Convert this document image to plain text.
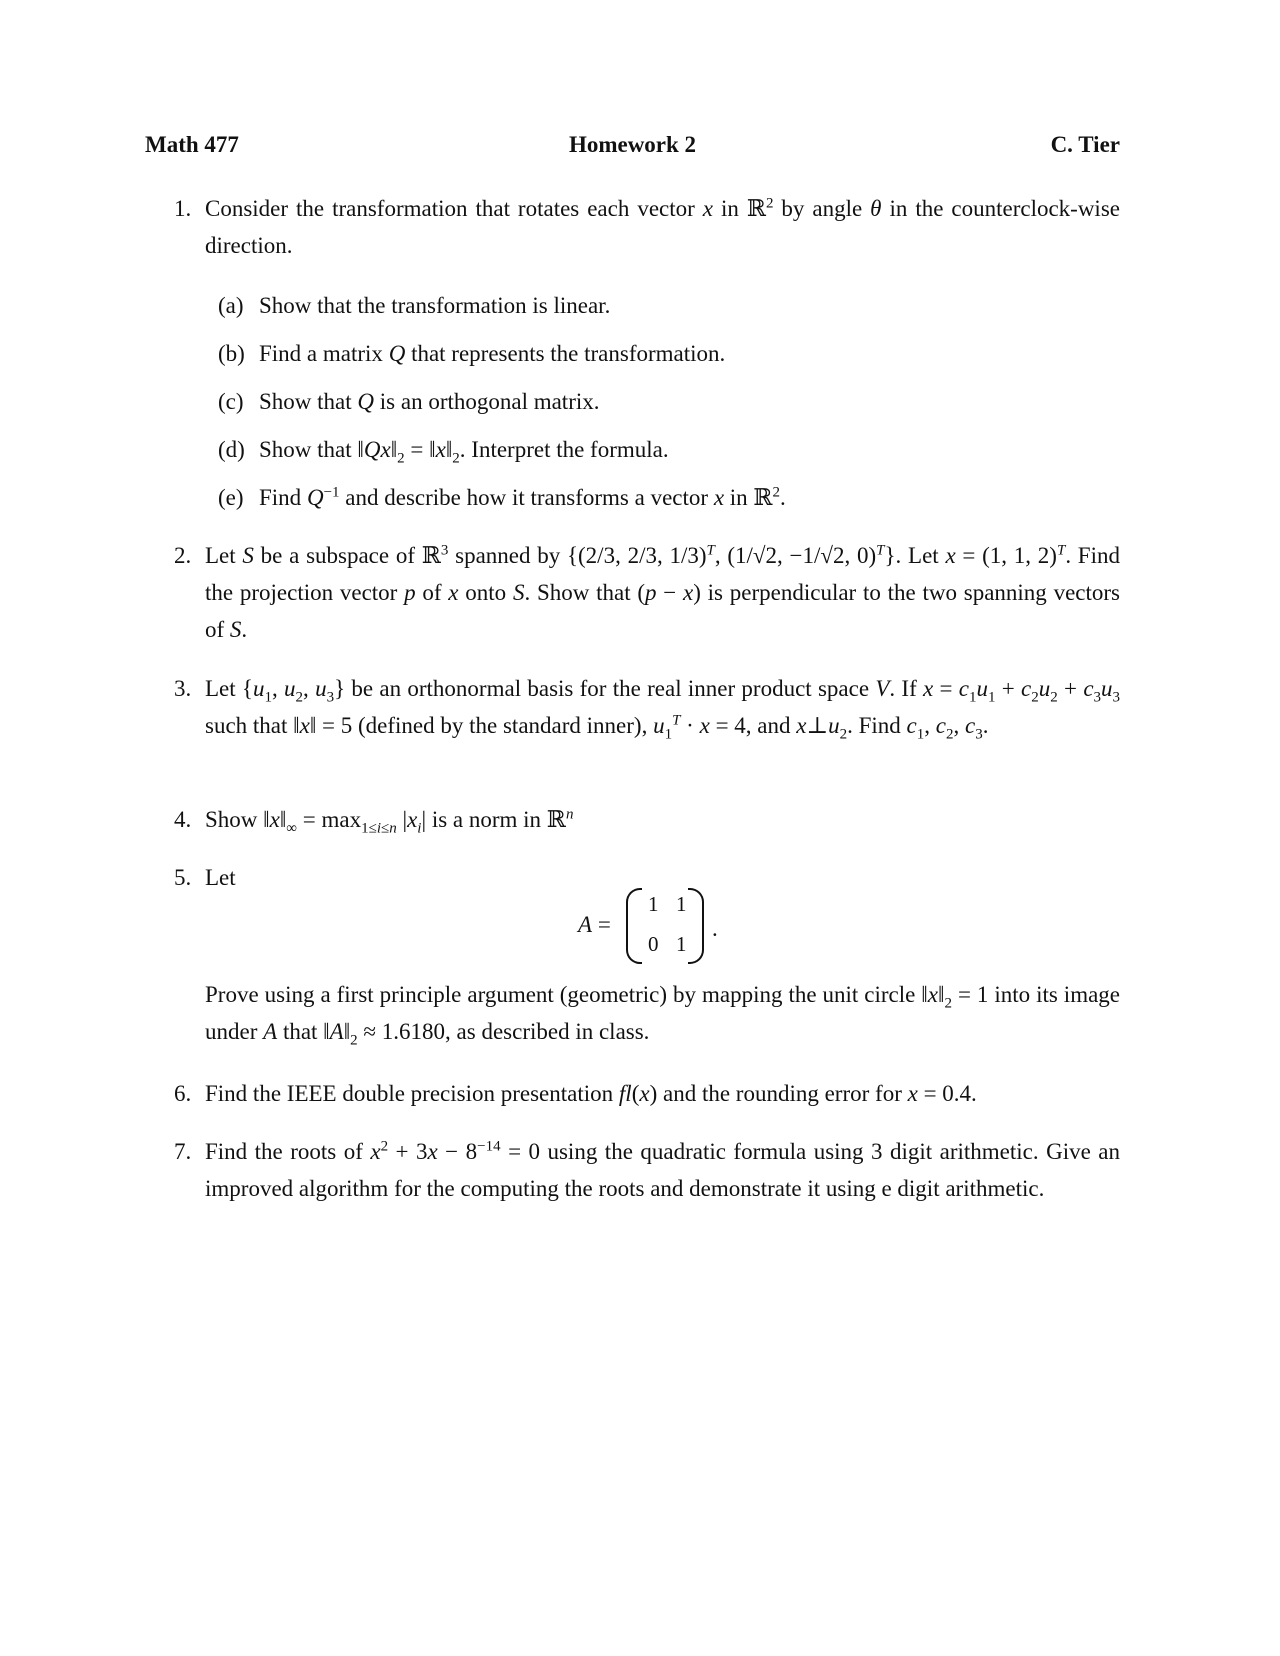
Math 477	Homework 2	C. Tier
1. Consider the transformation that rotates each vector x in ℝ$^2$ by angle θ in the counterclock-wise direction.
(a) Show that the transformation is linear.
(b) Find a matrix Q that represents the transformation.
(c) Show that Q is an orthogonal matrix.
(d) Show that $‖Qx‖_2$ = $‖x‖_2$. Interpret the formula.
(e) Find $Q^{-1}$ and describe how it transforms a vector x in ℝ$^2$.
2. Let S be a subspace of ℝ$^3$ spanned by {(2/3, 2/3, 1/3)$^T$, (1/√2, −1/√2, 0)$^T$}. Let x = (1, 1, 2)$^T$. Find the projection vector p of x onto S. Show that (p − x) is perpendicular to the two spanning vectors of S.
3. Let {$u_1$, $u_2$, $u_3$} be an orthonormal basis for the real inner product space V. If $x = c_1u_1 + c_2u_2 + c_3u_3$ such that ‖x‖ = 5 (defined by the standard inner), $u_1^T \cdot x = 4$, and $x\perp u_2$. Find $c_1$, $c_2$, $c_3$.
4. Show $‖x‖_\infty = \max_{1\le i\le n} |x_i|$ is a norm in ℝ$^n$
5. Let
A =
1 1
0 1
.
Prove using a first principle argument (geometric) by mapping the unit circle $‖x‖_2 = 1$ into its image under A that $‖A‖_2 \approx 1.6180$, as described in class.
6. Find the IEEE double precision presentation fl(x) and the rounding error for x = 0.4.
7. Find the roots of $x^2 + 3x - 8^{-14} = 0$ using the quadratic formula using 3 digit arithmetic. Give an improved algorithm for the computing the roots and demonstrate it using e digit arithmetic.
